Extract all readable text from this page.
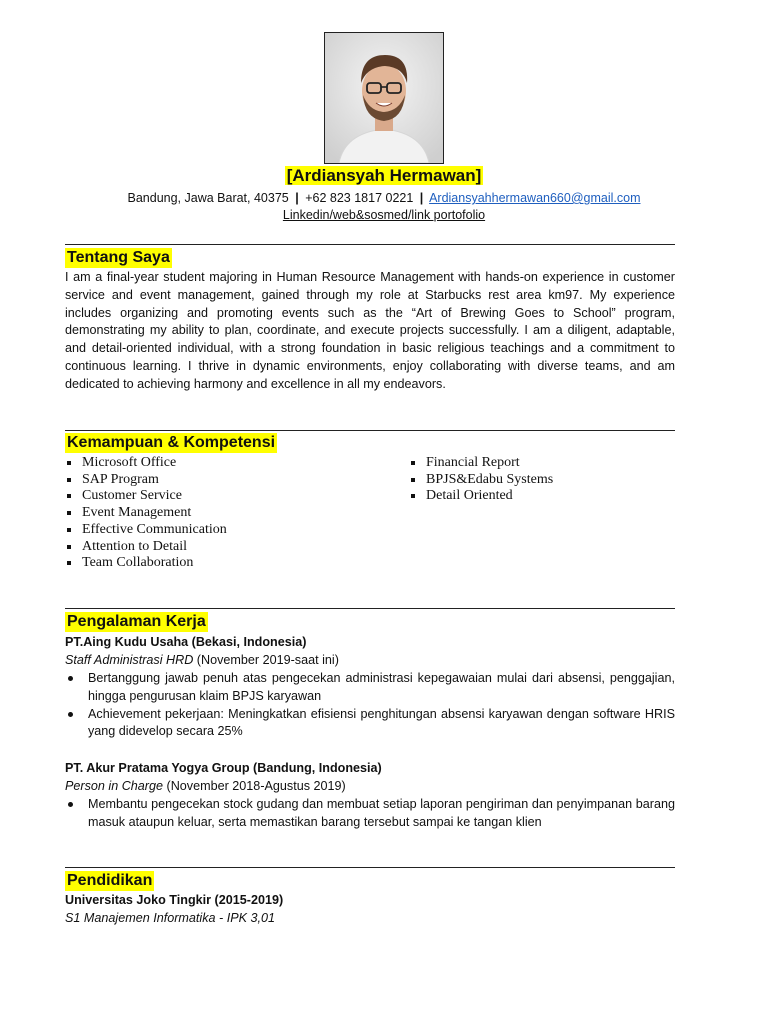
[Ardiansyah Hermawan]
Bandung, Jawa Barat, 40375 | +62 823 1817 0221 | Ardiansyahhermawan660@gmail.com
Linkedin/web&sosmed/link portofolio
Tentang Saya
I am a final-year student majoring in Human Resource Management with hands-on experience in customer service and event management, gained through my role at Starbucks rest area km97. My experience includes organizing and promoting events such as the “Art of Brewing Goes to School” program, demonstrating my ability to plan, coordinate, and execute projects successfully. I am a diligent, adaptable, and detail-oriented individual, with a strong foundation in basic religious teachings and a commitment to continuous learning. I thrive in dynamic environments, enjoy collaborating with diverse teams, and am dedicated to achieving harmony and excellence in all my endeavors.
Kemampuan & Kompetensi
Microsoft Office
SAP Program
Customer Service
Event Management
Effective Communication
Attention to Detail
Team Collaboration
Financial Report
BPJS&Edabu Systems
Detail Oriented
Pengalaman Kerja
PT.Aing Kudu Usaha (Bekasi, Indonesia)
Staff Administrasi HRD (November 2019-saat ini)
Bertanggung jawab penuh atas pengecekan administrasi kepegawaian mulai dari absensi, penggajian, hingga pengurusan klaim BPJS karyawan
Achievement pekerjaan: Meningkatkan efisiensi penghitungan absensi karyawan dengan software HRIS yang didevelop secara 25%
PT. Akur Pratama Yogya Group (Bandung, Indonesia)
Person in Charge (November 2018-Agustus 2019)
Membantu pengecekan stock gudang dan membuat setiap laporan pengiriman dan penyimpanan barang masuk ataupun keluar, serta memastikan barang tersebut sampai ke tangan klien
Pendidikan
Universitas Joko Tingkir (2015-2019)
S1 Manajemen Informatika - IPK 3,01
